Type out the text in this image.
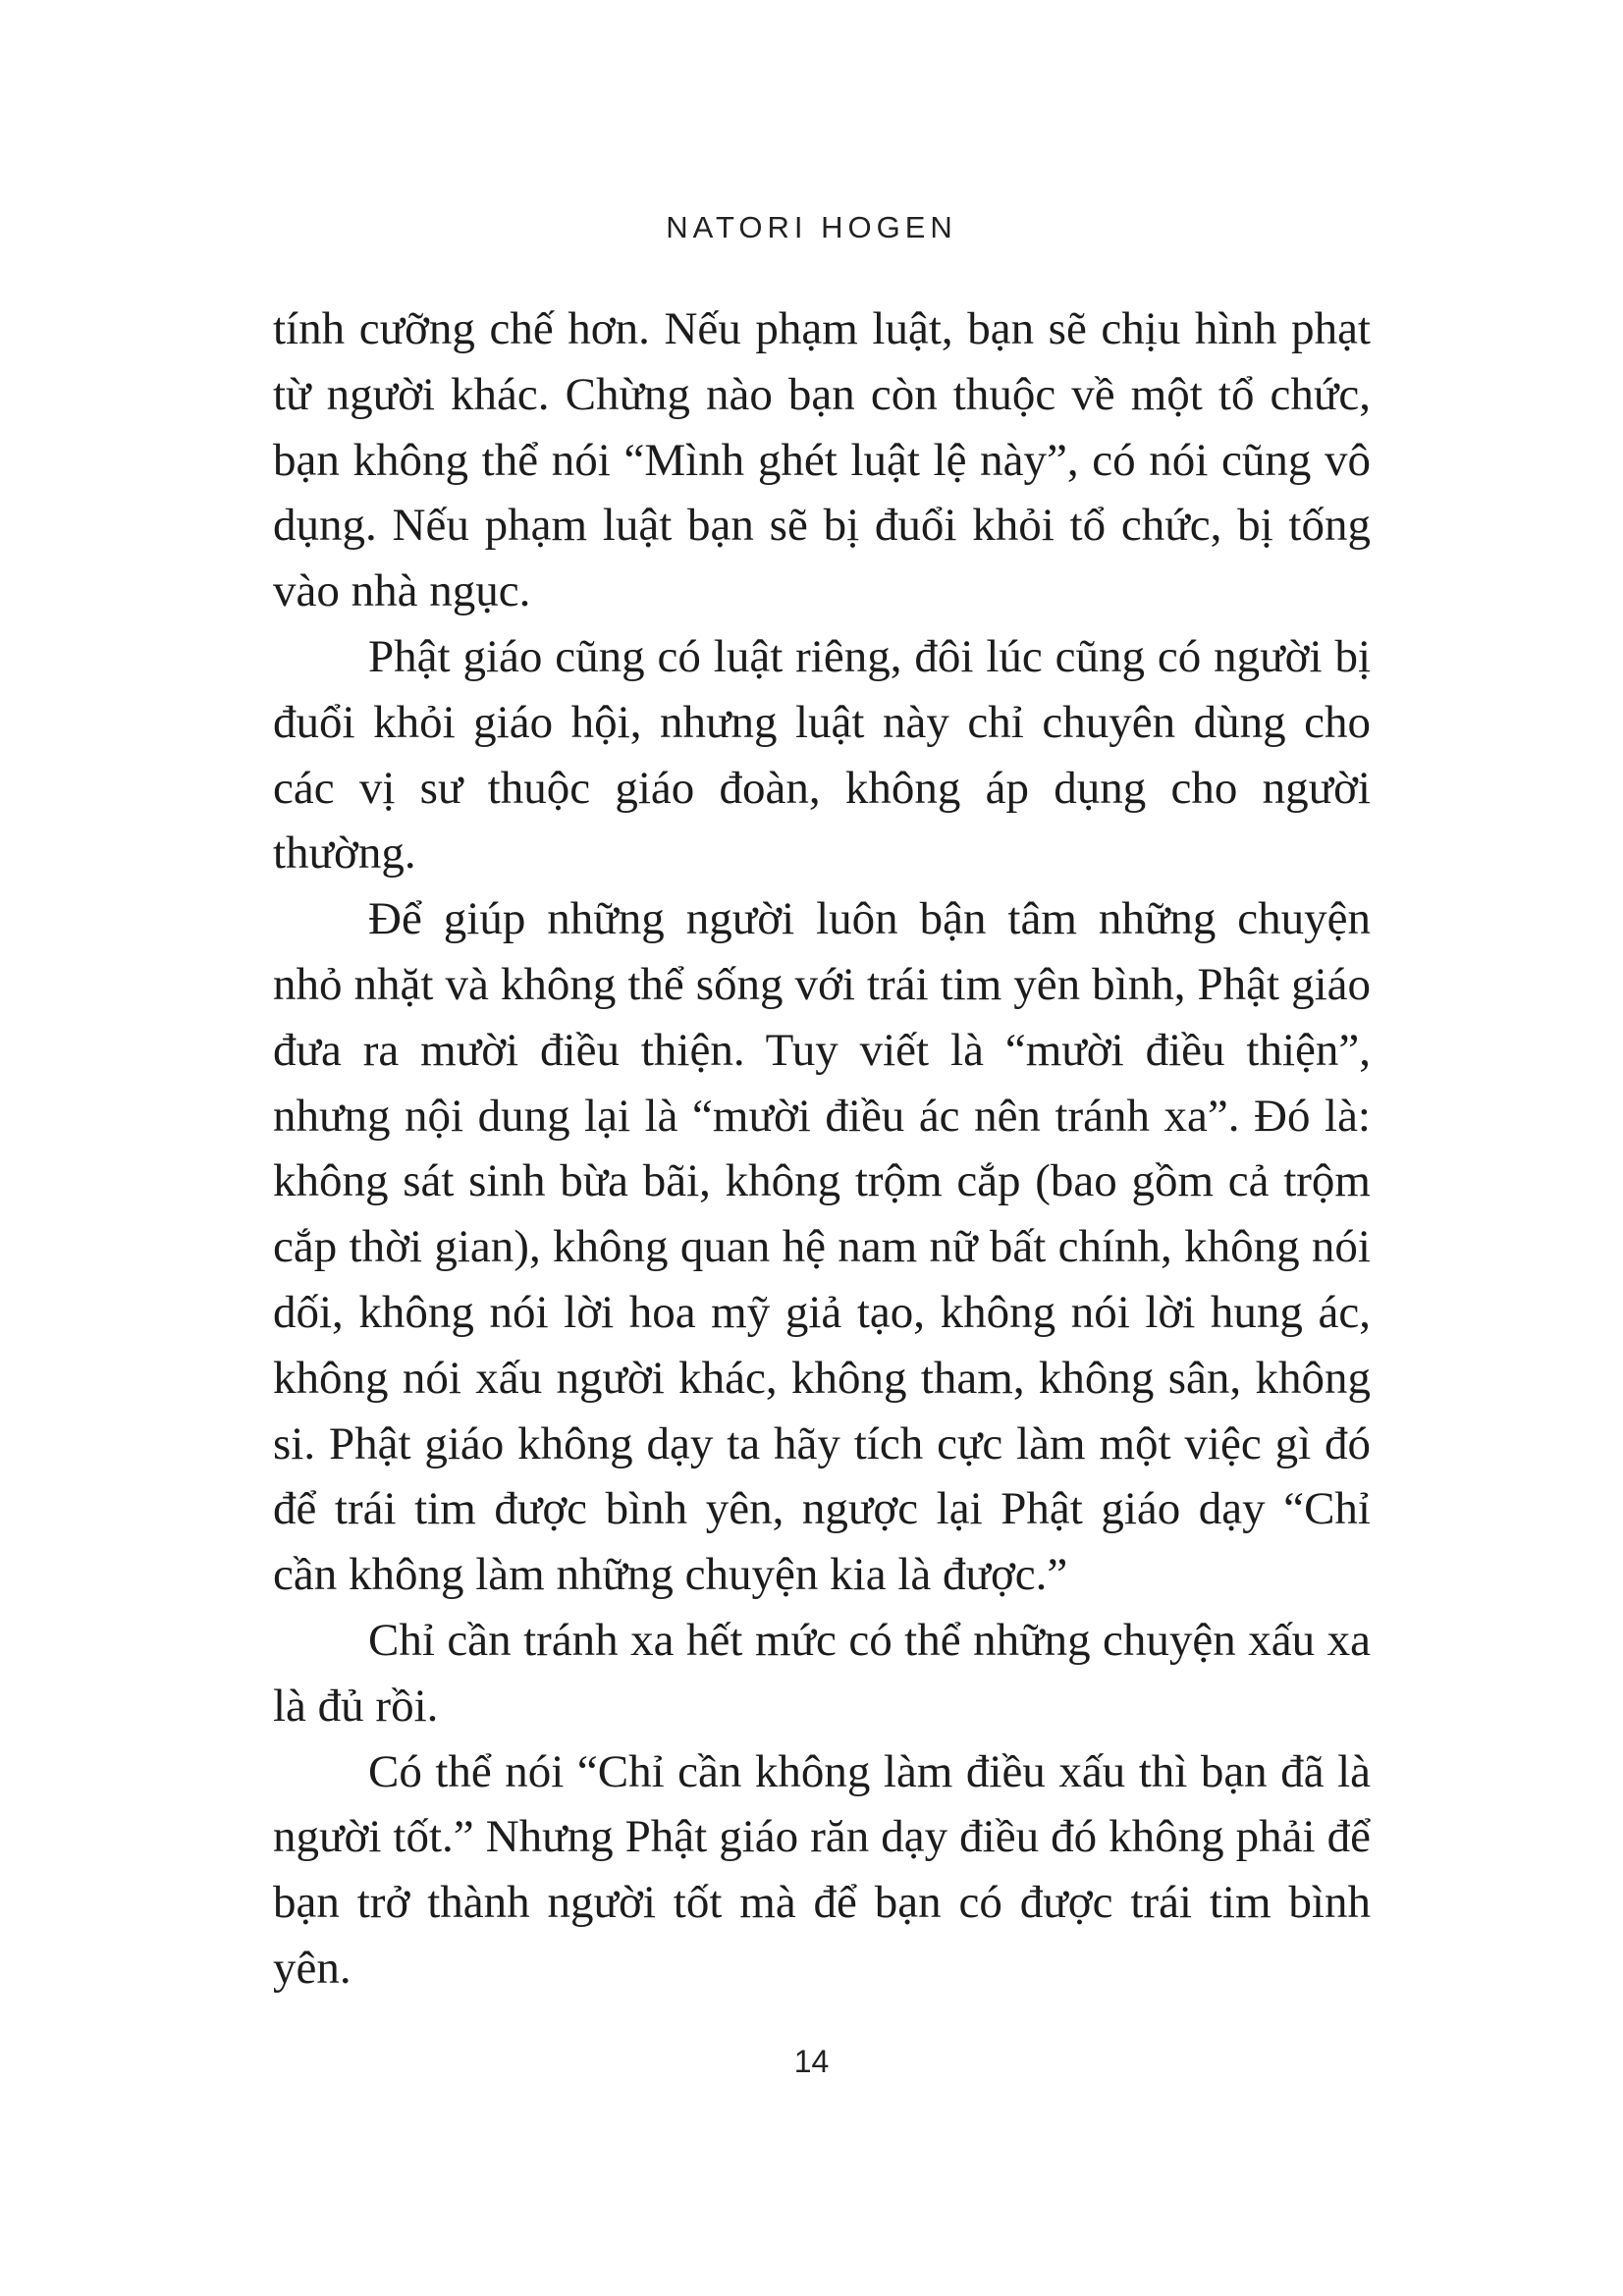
NATORI HOGEN

tính cưỡng chế hơn. Nếu phạm luật, bạn sẽ chịu hình phạt từ người khác. Chừng nào bạn còn thuộc về một tổ chức, bạn không thể nói “Mình ghét luật lệ này”, có nói cũng vô dụng. Nếu phạm luật bạn sẽ bị đuổi khỏi tổ chức, bị tống vào nhà ngục.

Phật giáo cũng có luật riêng, đôi lúc cũng có người bị đuổi khỏi giáo hội, nhưng luật này chỉ chuyên dùng cho các vị sư thuộc giáo đoàn, không áp dụng cho người thường.

Để giúp những người luôn bận tâm những chuyện nhỏ nhặt và không thể sống với trái tim yên bình, Phật giáo đưa ra mười điều thiện. Tuy viết là “mười điều thiện”, nhưng nội dung lại là “mười điều ác nên tránh xa”. Đó là: không sát sinh bừa bãi, không trộm cắp (bao gồm cả trộm cắp thời gian), không quan hệ nam nữ bất chính, không nói dối, không nói lời hoa mỹ giả tạo, không nói lời hung ác, không nói xấu người khác, không tham, không sân, không si. Phật giáo không dạy ta hãy tích cực làm một việc gì đó để trái tim được bình yên, ngược lại Phật giáo dạy “Chỉ cần không làm những chuyện kia là được.”

Chỉ cần tránh xa hết mức có thể những chuyện xấu xa là đủ rồi.

Có thể nói “Chỉ cần không làm điều xấu thì bạn đã là người tốt.” Nhưng Phật giáo răn dạy điều đó không phải để bạn trở thành người tốt mà để bạn có được trái tim bình yên.

14
